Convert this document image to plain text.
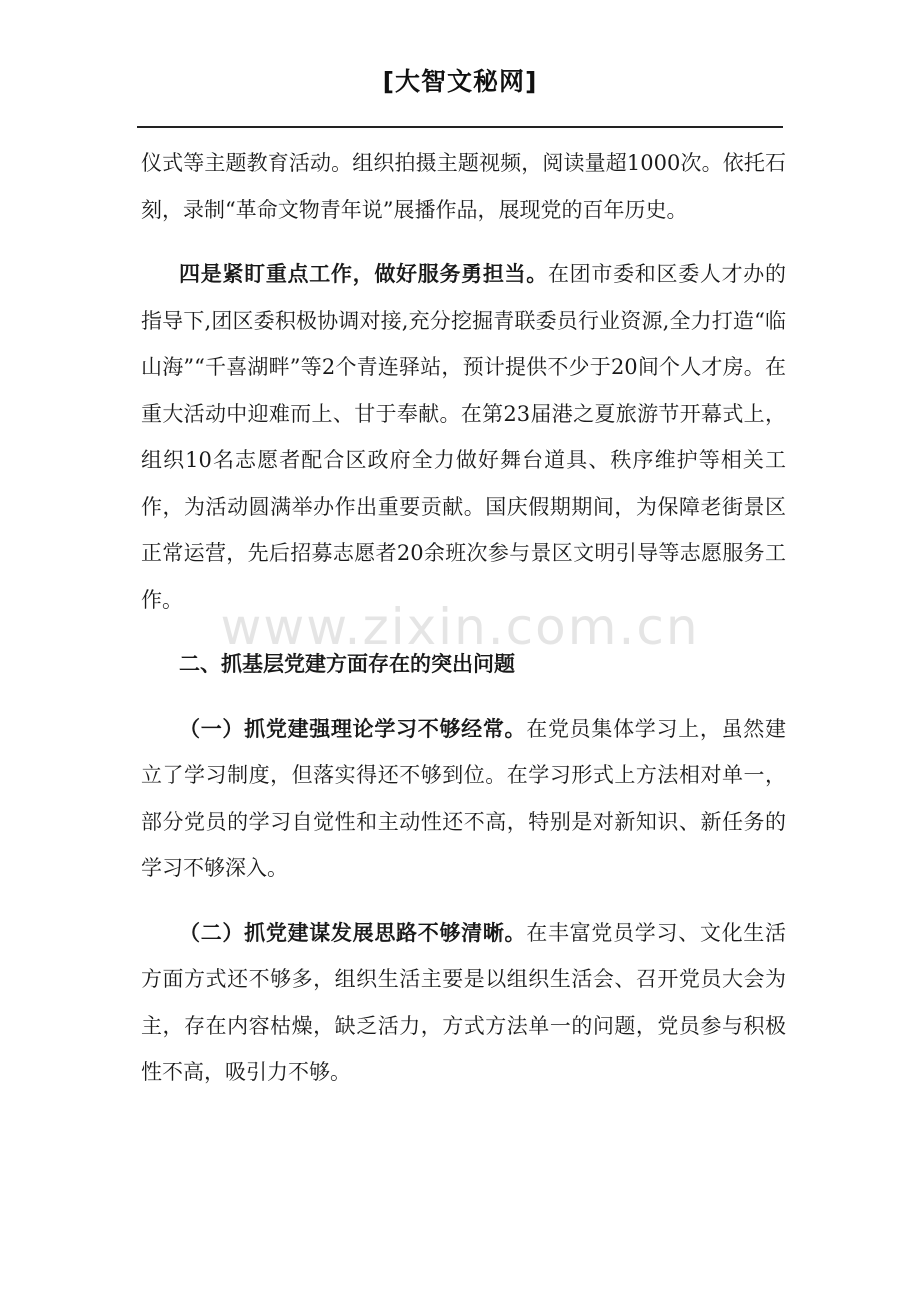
[大智文秘网]

仪式等主题教育活动。组织拍摄主题视频，阅读量超1000次。依托石刻，录制“革命文物青年说”展播作品，展现党的百年历史。

四是紧盯重点工作，做好服务勇担当。在团市委和区委人才办的指导下,团区委积极协调对接,充分挖掘青联委员行业资源,全力打造“临山海”“千喜湖畔”等2个青连驿站，预计提供不少于20间个人才房。在重大活动中迎难而上、甘于奉献。在第23届港之夏旅游节开幕式上，组织10名志愿者配合区政府全力做好舞台道具、秩序维护等相关工作，为活动圆满举办作出重要贡献。国庆假期期间，为保障老街景区正常运营，先后招募志愿者20余班次参与景区文明引导等志愿服务工作。

二、抓基层党建方面存在的突出问题

（一）抓党建强理论学习不够经常。在党员集体学习上，虽然建立了学习制度，但落实得还不够到位。在学习形式上方法相对单一，部分党员的学习自觉性和主动性还不高，特别是对新知识、新任务的学习不够深入。

（二）抓党建谋发展思路不够清晰。在丰富党员学习、文化生活方面方式还不够多，组织生活主要是以组织生活会、召开党员大会为主，存在内容枯燥，缺乏活力，方式方法单一的问题，党员参与积极性不高，吸引力不够。

www.zixin.com.cn
